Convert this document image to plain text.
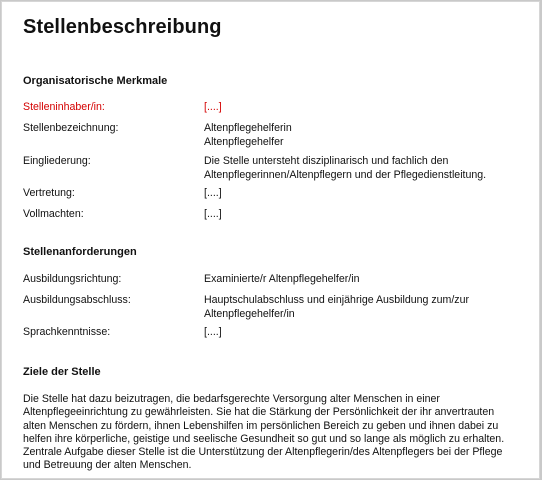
Stellenbeschreibung
Organisatorische Merkmale
Stelleninhaber/in:	[....]
Stellenbezeichnung:	Altenpflegehelferin
Altenpflegehelfer
Eingliederung:	Die Stelle untersteht disziplinarisch und fachlich den
Altenpflegerinnen/Altenpflegern und der Pflegedienstleitung.
Vertretung:	[....]
Vollmachten:	[....]
Stellenanforderungen
Ausbildungsrichtung:	Examinierte/r Altenpflegehelfer/in
Ausbildungsabschluss:	Hauptschulabschluss und einjährige Ausbildung zum/zur
Altenpflegehelfer/in
Sprachkenntnisse:	[....]
Ziele der Stelle

Die Stelle hat dazu beizutragen, die bedarfsgerechte Versorgung alter Menschen in einer Altenpflegeeinrichtung zu gewährleisten. Sie hat die Stärkung der Persönlichkeit der ihr anvertrauten alten Menschen zu fördern, ihnen Lebenshilfen im persönlichen Bereich zu geben und ihnen dabei zu helfen ihre körperliche, geistige und seelische Gesundheit so gut und so lange als möglich zu erhalten. Zentrale Aufgabe dieser Stelle ist die Unterstützung der Altenpflegerin/des Altenpflegers bei der Pflege und Betreuung der alten Menschen.
